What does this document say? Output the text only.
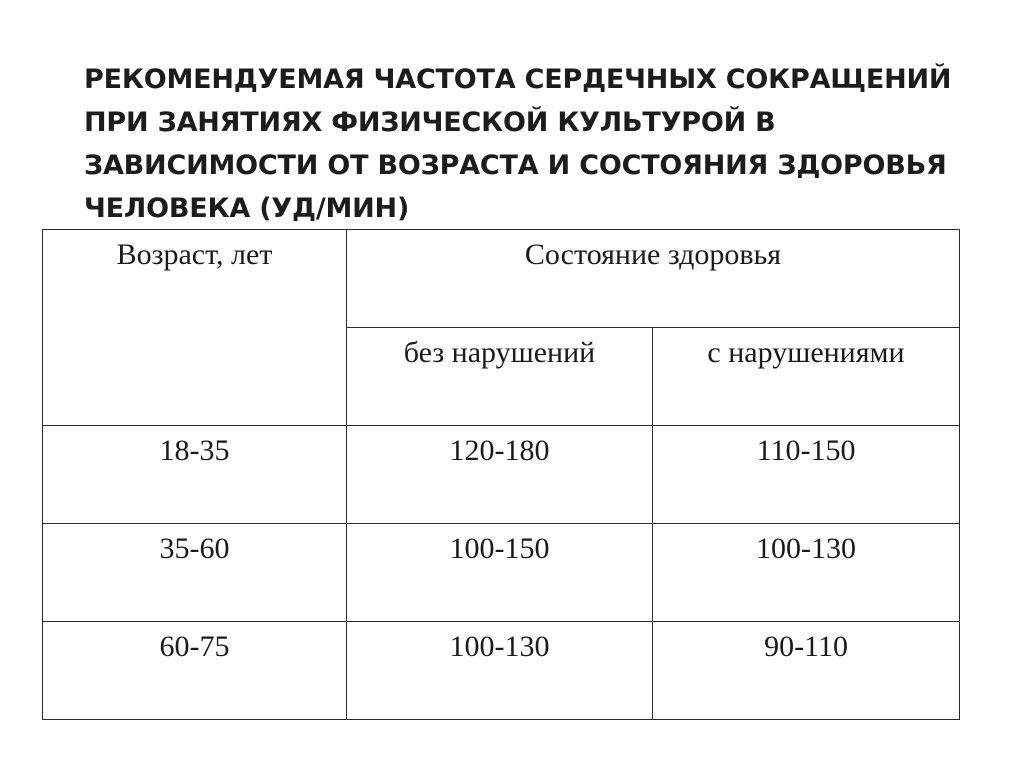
РЕКОМЕНДУЕМАЯ ЧАСТОТА СЕРДЕЧНЫХ СОКРАЩЕНИЙ
ПРИ ЗАНЯТИЯХ ФИЗИЧЕСКОЙ КУЛЬТУРОЙ В
ЗАВИСИМОСТИ ОТ ВОЗРАСТА И СОСТОЯНИЯ ЗДОРОВЬЯ
ЧЕЛОВЕКА (УД/МИН)
Возраст, лет	Состояние здоровья	
	без нарушений	с нарушениями
18-35	120-180	110-150
35-60	100-150	100-130
60-75	100-130	90-110
